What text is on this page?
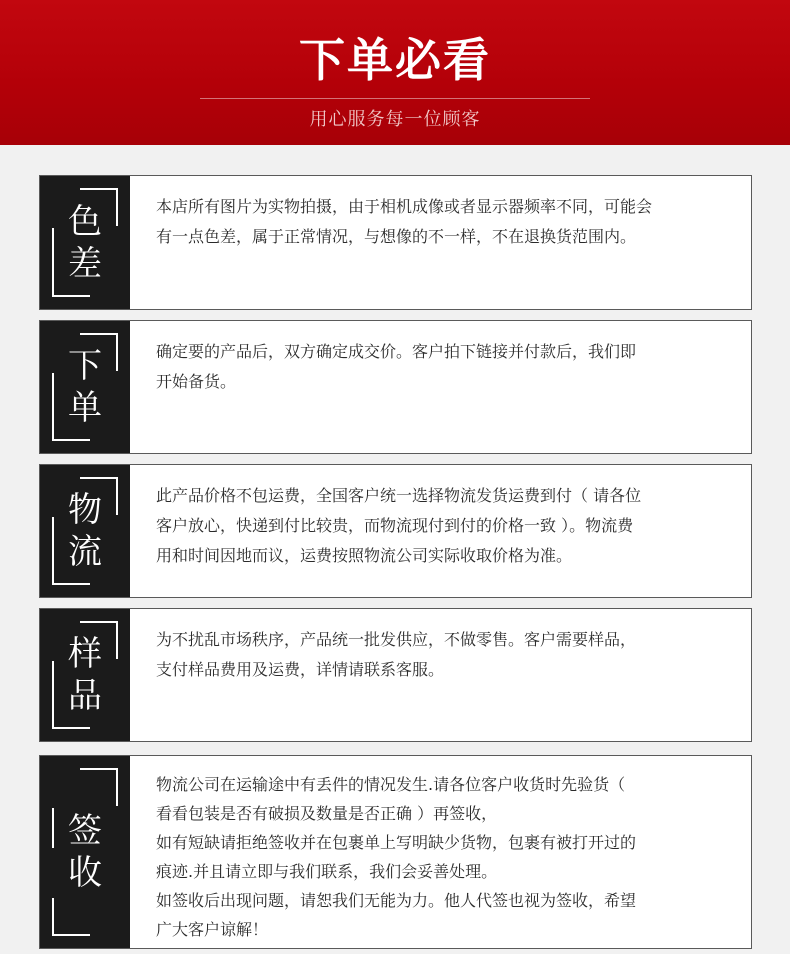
下单必看
用心服务每一位顾客
色
差

本店所有图片为实物拍摄，由于相机成像或者显示器频率不同，可能会

有一点色差，属于正常情况，与想像的不一样，不在退换货范围内。

下
单

确定要的产品后，双方确定成交价。客户拍下链接并付款后，我们即

开始备货。

物
流

此产品价格不包运费，全国客户统一选择物流发货运费到付（ 请各位

客户放心，快递到付比较贵，而物流现付到付的价格一致 ）。物流费

用和时间因地而议，运费按照物流公司实际收取价格为准。

样
品

为不扰乱市场秩序，产品统一批发供应，不做零售。客户需要样品，

支付样品费用及运费，详情请联系客服。

签
收

物流公司在运输途中有丢件的情况发生.请各位客户收货时先验货（

看看包装是否有破损及数量是否正确 ）再签收，

如有短缺请拒绝签收并在包裹单上写明缺少货物，包裹有被打开过的

痕迹.并且请立即与我们联系，我们会妥善处理。

如签收后出现问题，请恕我们无能为力。他人代签也视为签收，希望

广大客户谅解！
